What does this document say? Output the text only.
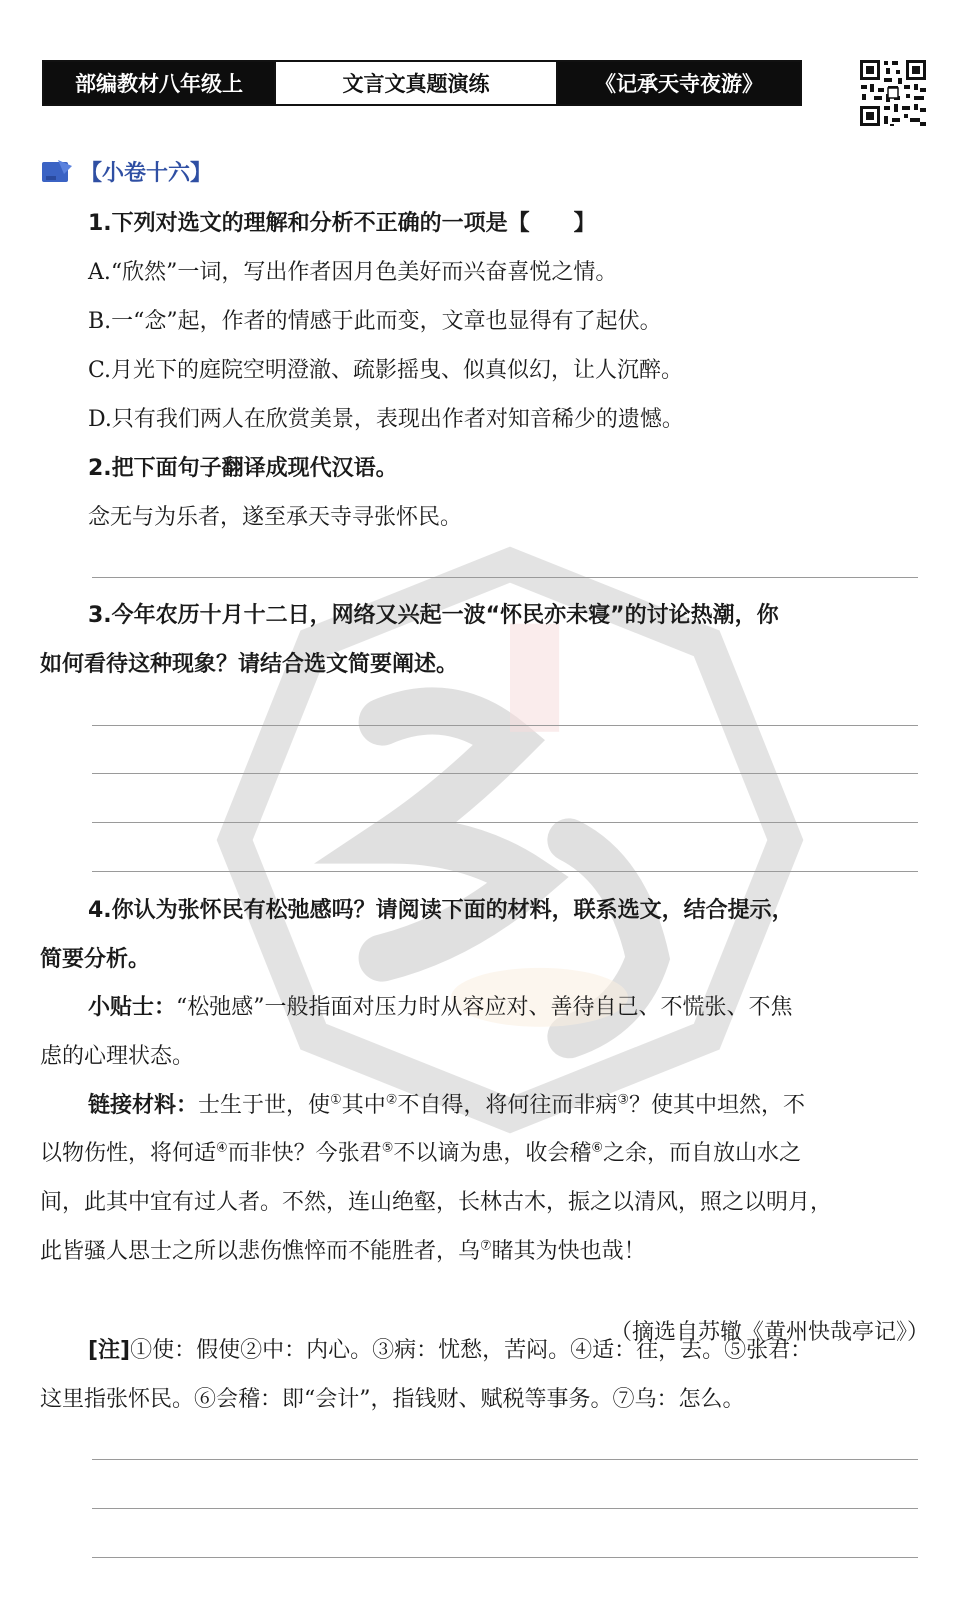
部编教材八年级上	文言文真题演练	《记承天寺夜游》
【小卷十六】
1.下列对选文的理解和分析不正确的一项是【　　】
A.“欣然”一词，写出作者因月色美好而兴奋喜悦之情。
B.一“念”起，作者的情感于此而变，文章也显得有了起伏。
C.月光下的庭院空明澄澈、疏影摇曳、似真似幻，让人沉醉。
D.只有我们两人在欣赏美景，表现出作者对知音稀少的遗憾。
2.把下面句子翻译成现代汉语。
念无与为乐者，遂至承天寺寻张怀民。
3.今年农历十月十二日，网络又兴起一波“怀民亦未寝”的讨论热潮，你
如何看待这种现象？请结合选文简要阐述。
4.你认为张怀民有松弛感吗？请阅读下面的材料，联系选文，结合提示，
简要分析。
小贴士：“松弛感”一般指面对压力时从容应对、善待自己、不慌张、不焦
虑的心理状态。
链接材料：士生于世，使①其中②不自得，将何往而非病③？使其中坦然，不
以物伤性，将何适④而非快？今张君⑤不以谪为患，收会稽⑥之余，而自放山水之
间，此其中宜有过人者。不然，连山绝壑，长林古木，振之以清风，照之以明月，
此皆骚人思士之所以悲伤憔悴而不能胜者，乌⑦睹其为快也哉！
（摘选自苏辙《黄州快哉亭记》）
[注]①使：假使②中：内心。③病：忧愁，苦闷。④适：往，去。⑤张君：
这里指张怀民。⑥会稽：即“会计”，指钱财、赋税等事务。⑦乌：怎么。
